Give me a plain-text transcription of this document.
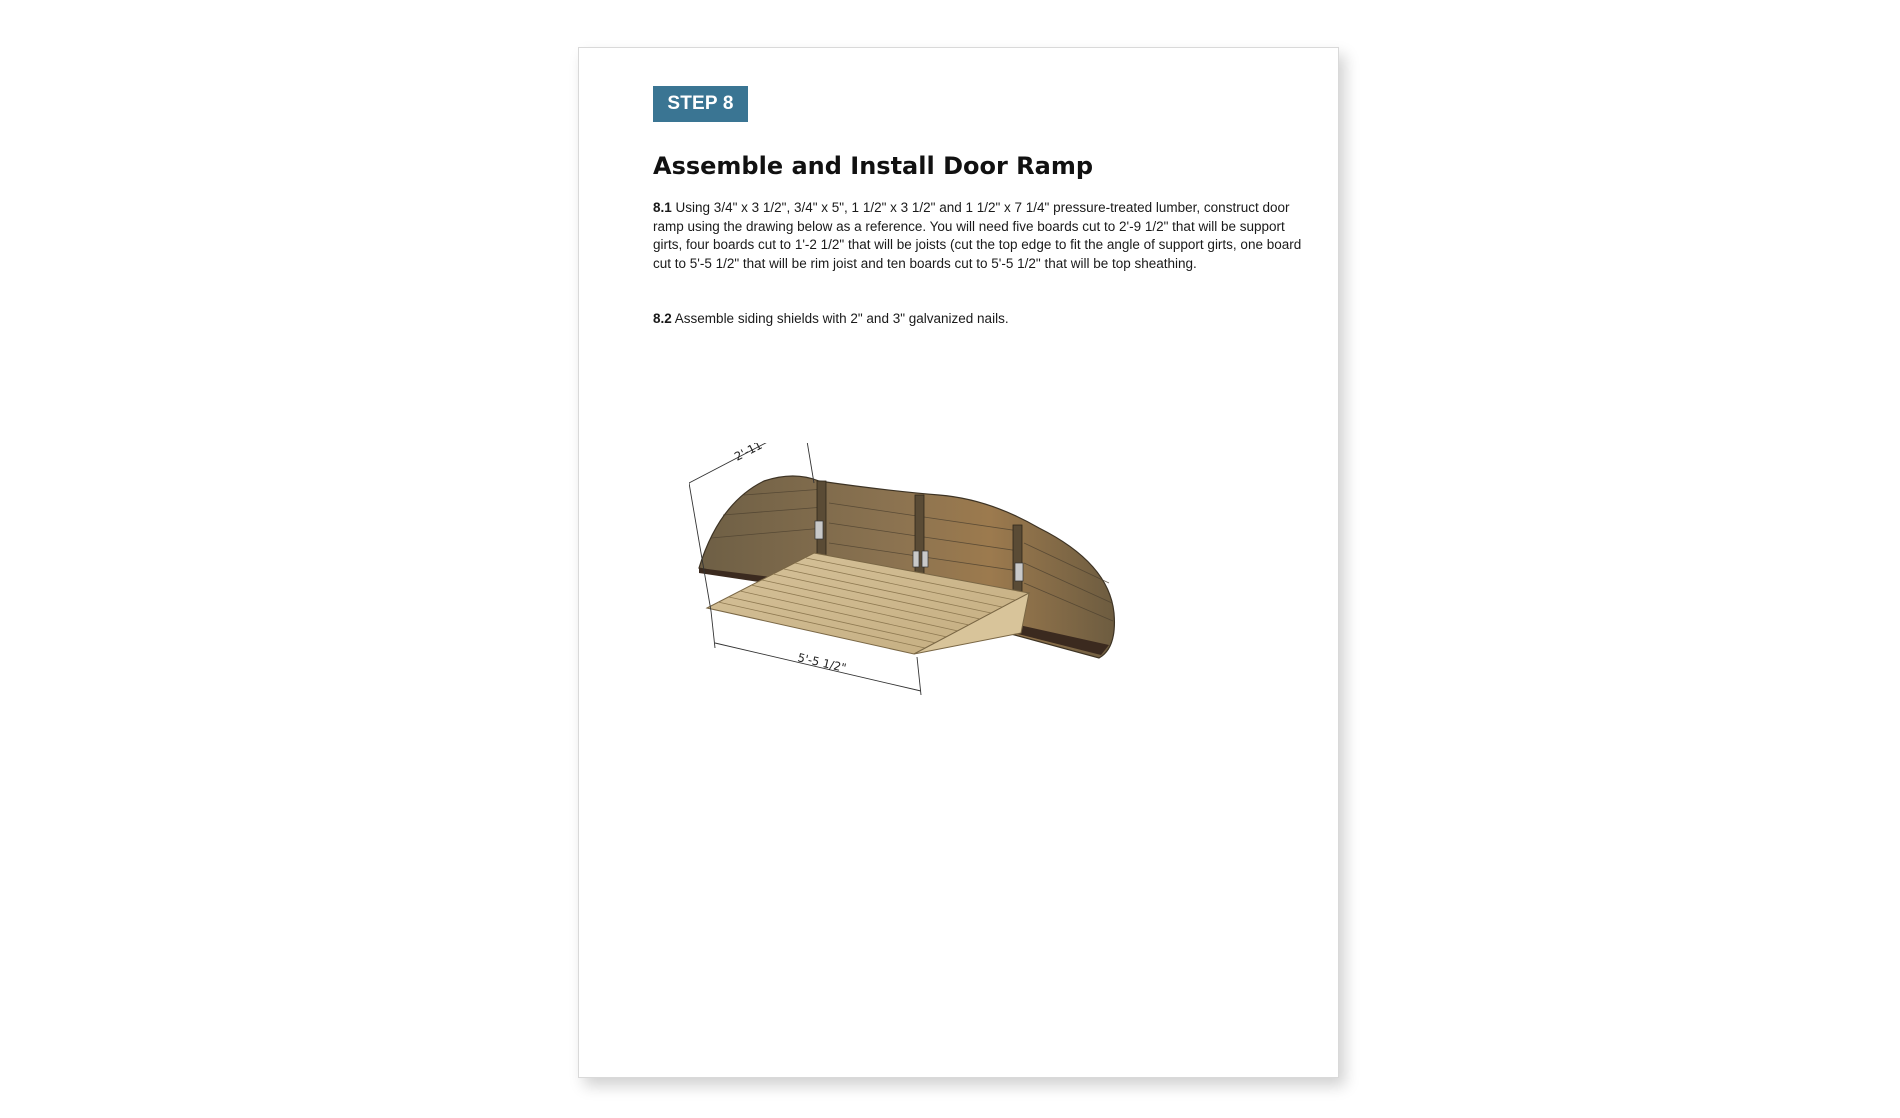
STEP 8
Assemble and Install Door Ramp

8.1 Using 3/4" x 3 1/2", 3/4" x 5", 1 1/2" x 3 1/2" and 1 1/2" x 7 1/4" pressure-treated lumber, construct door ramp using the drawing below as a reference. You will need five boards cut to 2'-9 1/2" that will be support girts, four boards cut to 1'-2 1/2" that will be joists (cut the top edge to fit the angle of support girts, one board cut to 5'-5 1/2" that will be rim joist and ten boards cut to 5'-5 1/2" that will be top sheathing.

8.2 Assemble siding shields with 2" and 3" galvanized nails.

2'-11"
5'-5 1/2"
